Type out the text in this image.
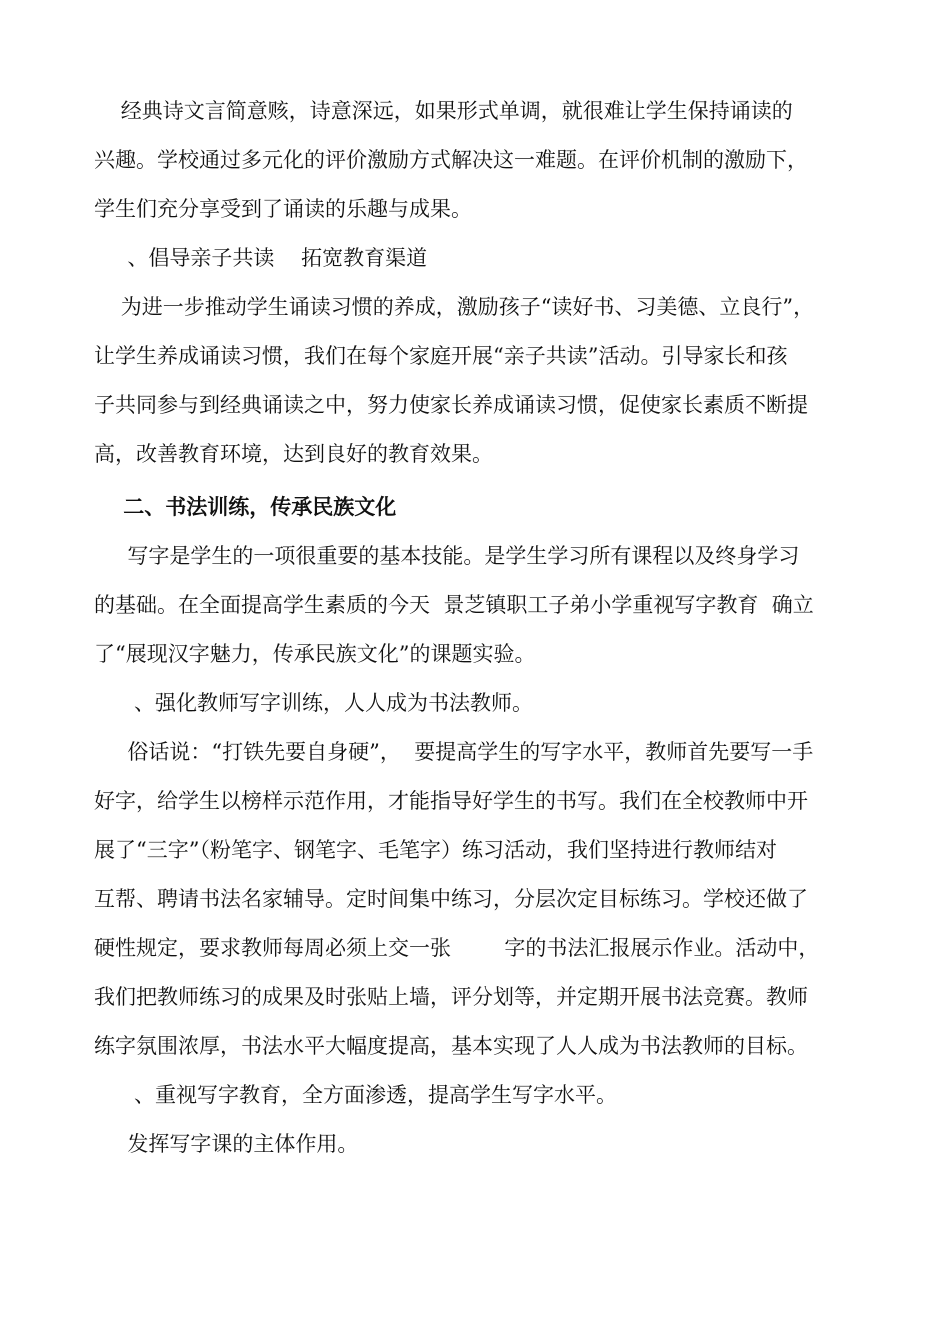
经典诗文言简意赅，诗意深远，如果形式单调，就很难让学生保持诵读的
兴趣。学校通过多元化的评价激励方式解决这一难题。在评价机制的激励下，
学生们充分享受到了诵读的乐趣与成果。
、倡导亲子共读    拓宽教育渠道
为进一步推动学生诵读习惯的养成，激励孩子“读好书、习美德、立良行”，
让学生养成诵读习惯，我们在每个家庭开展“亲子共读”活动。引导家长和孩
子共同参与到经典诵读之中，努力使家长养成诵读习惯，促使家长素质不断提
高，改善教育环境，达到良好的教育效果。
二、书法训练，传承民族文化
写字是学生的一项很重要的基本技能。是学生学习所有课程以及终身学习
的基础。在全面提高学生素质的今天  景芝镇职工子弟小学重视写字教育  确立
了“展现汉字魅力，传承民族文化”的课题实验。
、强化教师写字训练，人人成为书法教师。
俗话说：“打铁先要自身硬”，  要提高学生的写字水平，教师首先要写一手
好字，给学生以榜样示范作用，才能指导好学生的书写。我们在全校教师中开
展了“三字”（粉笔字、钢笔字、毛笔字）练习活动，我们坚持进行教师结对
互帮、聘请书法名家辅导。定时间集中练习，分层次定目标练习。学校还做了
硬性规定，要求教师每周必须上交一张        字的书法汇报展示作业。活动中，
我们把教师练习的成果及时张贴上墙，评分划等，并定期开展书法竞赛。教师
练字氛围浓厚，书法水平大幅度提高，基本实现了人人成为书法教师的目标。
、重视写字教育，全方面渗透，提高学生写字水平。
发挥写字课的主体作用。
